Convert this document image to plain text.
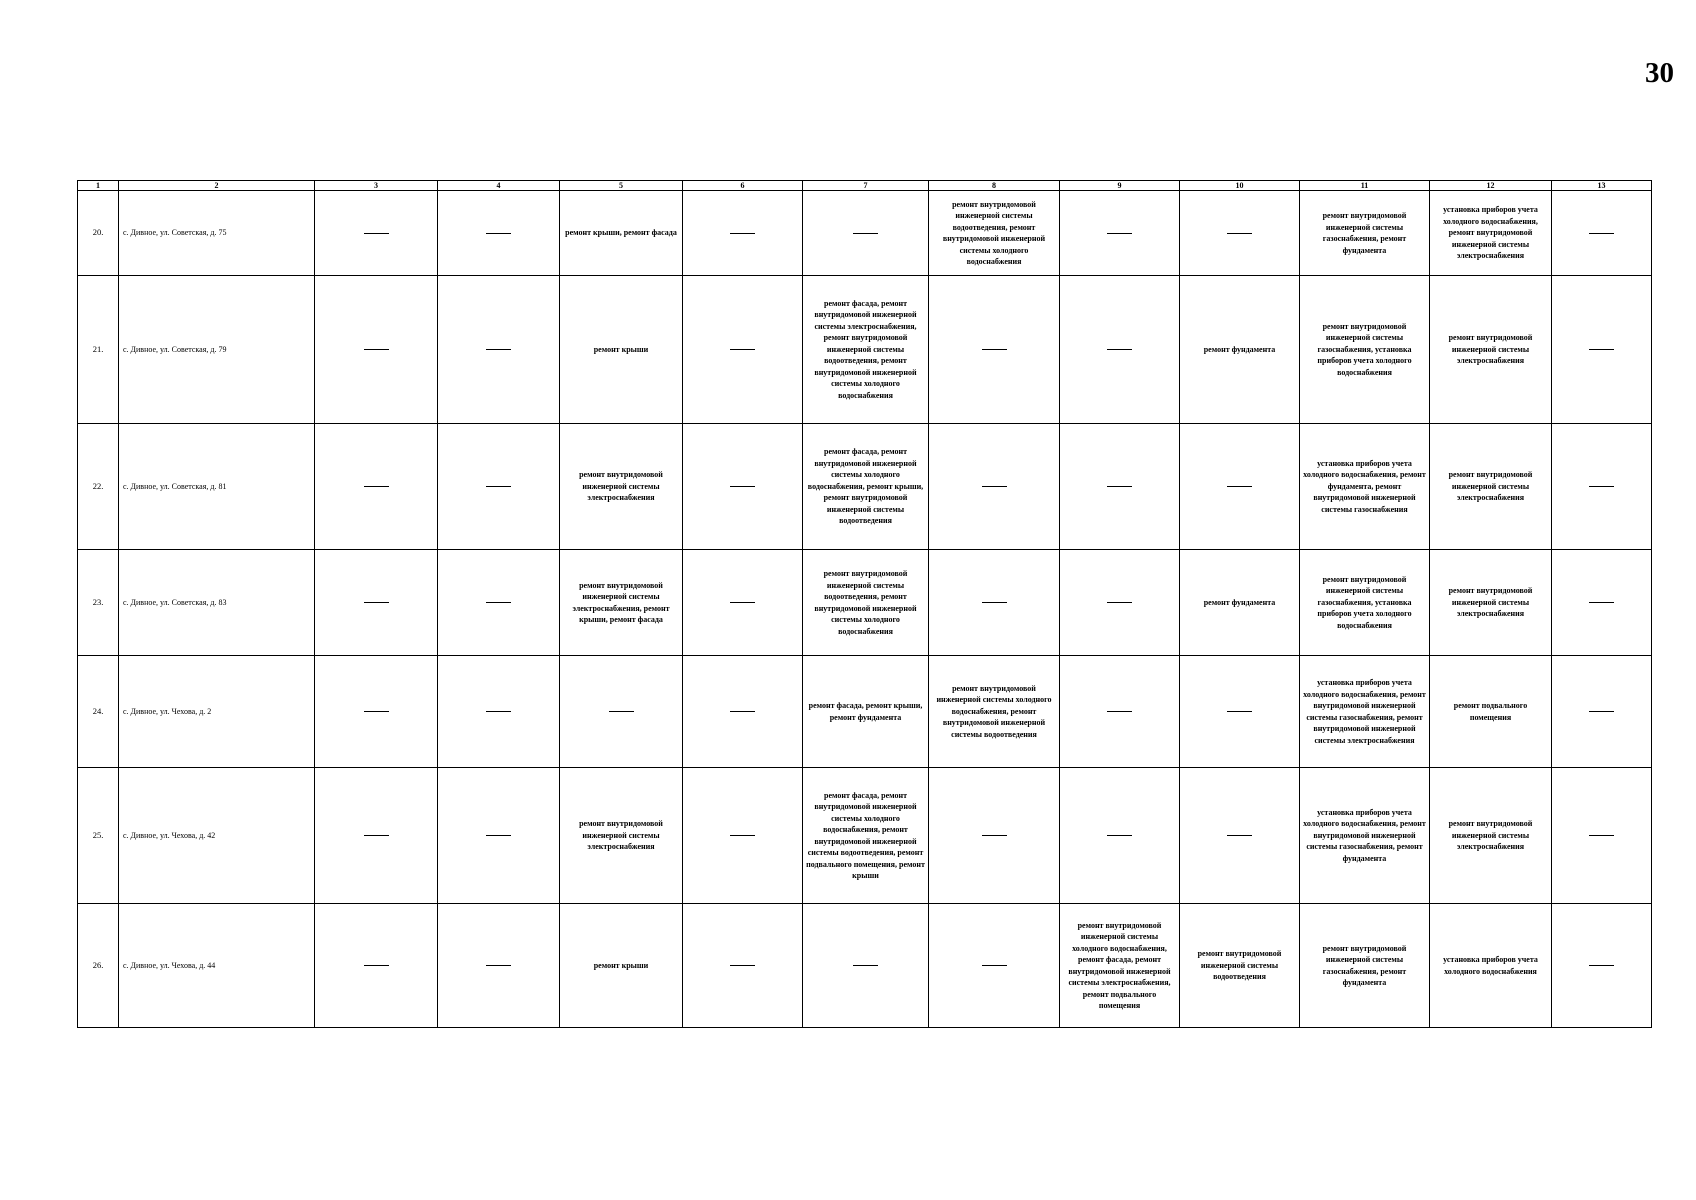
30
1	2	3	4	5	6	7	8	9	10	11	12	13
20.	с. Дивное, ул. Советская, д. 75			ремонт крыши, ремонт фасада			ремонт внутридомовой инженерной системы водоотведения, ремонт внутридомовой инженерной системы холодного водоснабжения			ремонт внутридомовой инженерной системы газоснабжения, ремонт фундамента	установка приборов учета холодного водоснабжения, ремонт внутридомовой инженерной системы электроснабжения	

21.	с. Дивное, ул. Советская, д. 79			ремонт крыши		ремонт фасада, ремонт внутридомовой инженерной системы электроснабжения, ремонт внутридомовой инженерной системы водоотведения, ремонт внутридомовой инженерной системы холодного водоснабжения			ремонт фундамента	ремонт внутридомовой инженерной системы газоснабжения, установка приборов учета холодного водоснабжения	ремонт внутридомовой инженерной системы электроснабжения	

22.	с. Дивное, ул. Советская, д. 81			ремонт внутридомовой инженерной системы электроснабжения		ремонт фасада, ремонт внутридомовой инженерной системы холодного водоснабжения, ремонт крыши, ремонт внутридомовой инженерной системы водоотведения				установка приборов учета холодного водоснабжения, ремонт фундамента, ремонт внутридомовой инженерной системы газоснабжения	ремонт внутридомовой инженерной системы электроснабжения	

23.	с. Дивное, ул. Советская, д. 83			ремонт внутридомовой инженерной системы электроснабжения, ремонт крыши, ремонт фасада		ремонт внутридомовой инженерной системы водоотведения, ремонт внутридомовой инженерной системы холодного водоснабжения			ремонт фундамента	ремонт внутридомовой инженерной системы газоснабжения, установка приборов учета холодного водоснабжения	ремонт внутридомовой инженерной системы электроснабжения	

24.	с. Дивное, ул. Чехова, д. 2					ремонт фасада, ремонт крыши, ремонт фундамента	ремонт внутридомовой инженерной системы холодного водоснабжения, ремонт внутридомовой инженерной системы водоотведения			установка приборов учета холодного водоснабжения, ремонт внутридомовой инженерной системы газоснабжения, ремонт внутридомовой инженерной системы электроснабжения	ремонт подвального помещения	

25.	с. Дивное, ул. Чехова, д. 42			ремонт внутридомовой инженерной системы электроснабжения		ремонт фасада, ремонт внутридомовой инженерной системы холодного водоснабжения, ремонт внутридомовой инженерной системы водоотведения, ремонт подвального помещения, ремонт крыши				установка приборов учета холодного водоснабжения, ремонт внутридомовой инженерной системы газоснабжения, ремонт фундамента	ремонт внутридомовой инженерной системы электроснабжения	

26.	с. Дивное, ул. Чехова, д. 44			ремонт крыши				ремонт внутридомовой инженерной системы холодного водоснабжения, ремонт фасада, ремонт внутридомовой инженерной системы электроснабжения, ремонт подвального помещения	ремонт внутридомовой инженерной системы водоотведения	ремонт внутридомовой инженерной системы газоснабжения, ремонт фундамента	установка приборов учета холодного водоснабжения	
